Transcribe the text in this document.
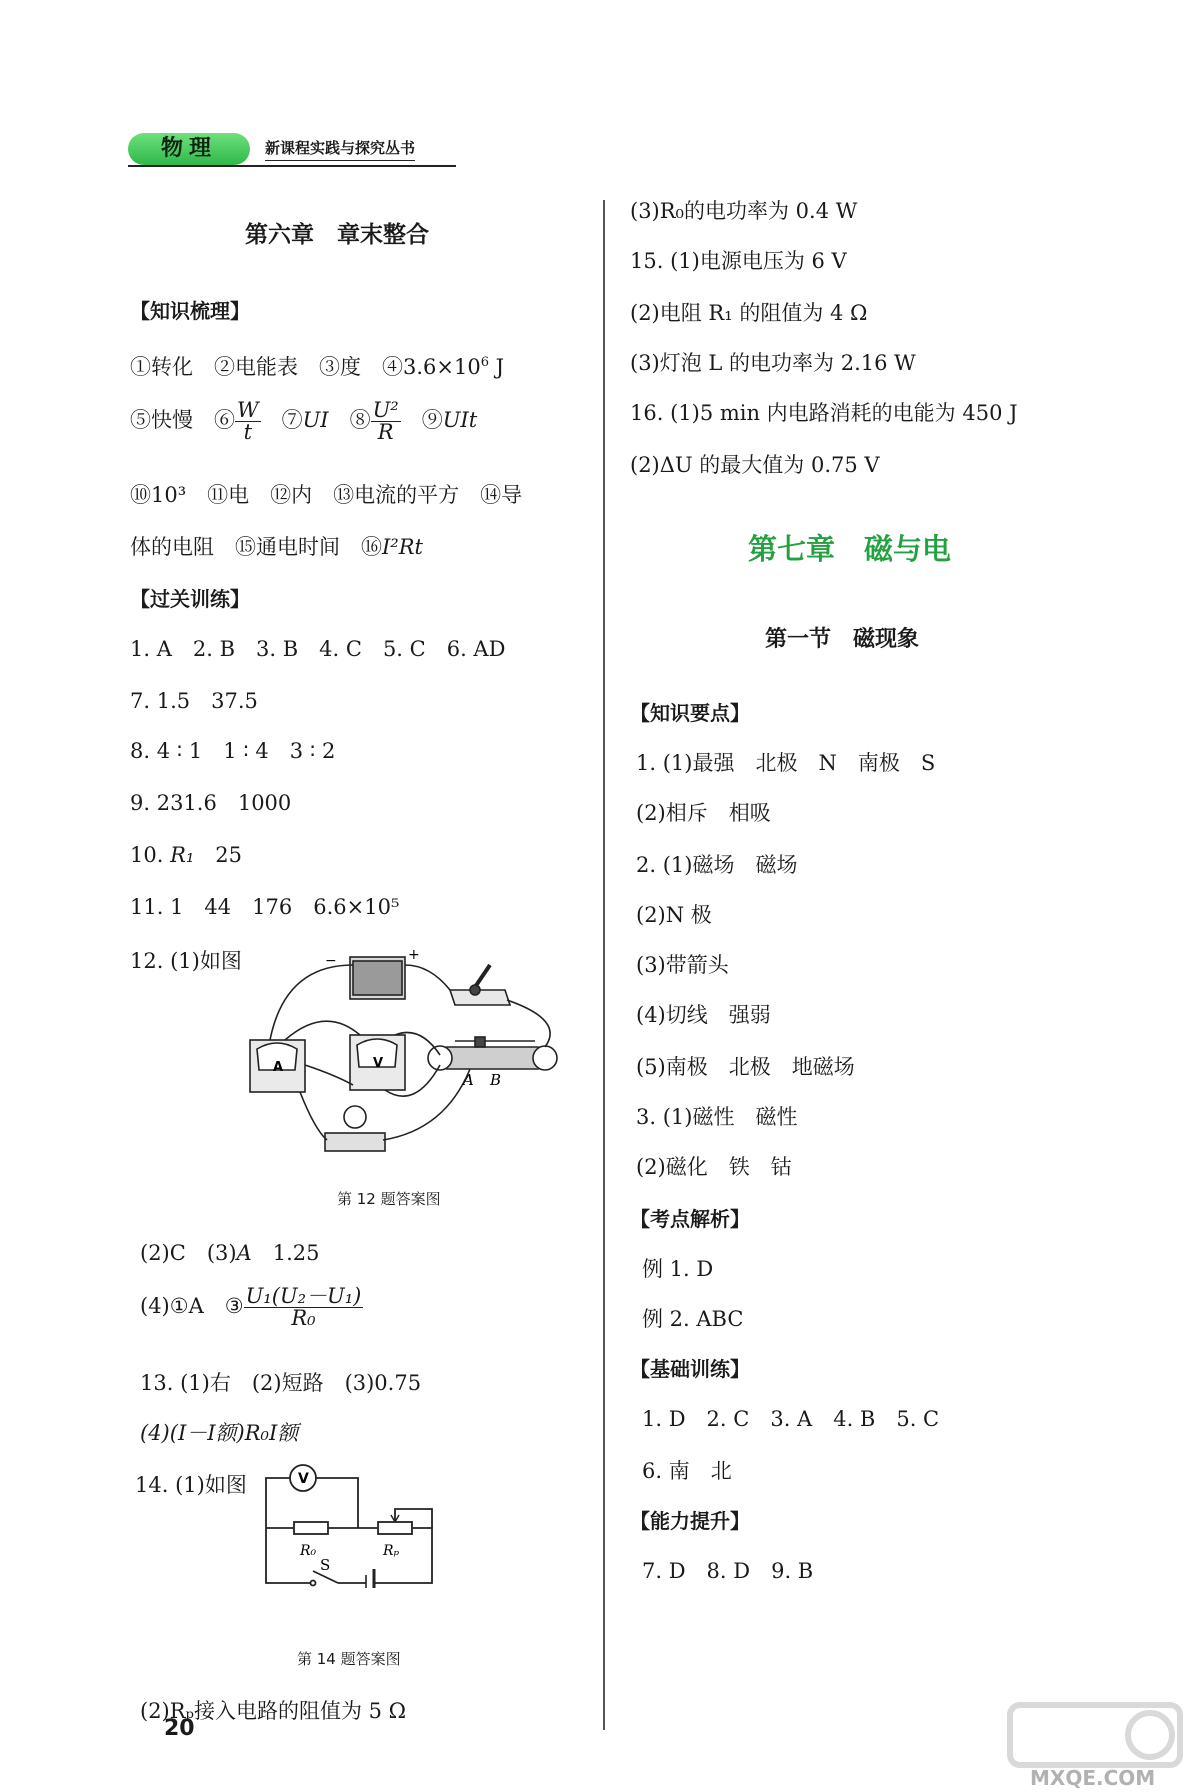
物理	新课程实践与探究丛书
第六章　章末整合
【知识梳理】
①转化　②电能表　③度　$④3.6\times 10^6$ J
⑤快慢　⑥ $\frac{W}{t}$ 　⑦UI　⑧ $\frac{\text{U²}}{R}$ 　⑨UIt
⑩10³　⑪电　⑫内　⑬电流的平方　⑭导
体的电阻　⑮通电时间　⑯I²Rt
【过关训练】
1. A　2. B　3. B　4. C　5. C　6. AD
7. 1.5　37.5
8. 4 ∶ 1　1 ∶ 4　3 ∶ 2
9. 231.6　1000
10. R₁　25
11. 1　44　176　6.6×10⁵
12. (1)如图	−	+
A	V
A B
第 12 题答案图
(2)C　(3)A　1.25
(4)①A　③ $\frac{\text{U₁(U₂－U₁)}}{\text{R₀}}$
13. (1)右　(2)短路　(3)0.75
(4)(I－I额)R₀I额
14. (1)如图	V
R₀	Rₚ
S
第 14 题答案图
(2)Rₚ接入电路的阻值为 5 Ω
20
(3)R₀的电功率为 0.4 W
15. (1)电源电压为 6 V
(2)电阻 R₁ 的阻值为 4 Ω
(3)灯泡 L 的电功率为 2.16 W
16. (1)5 min 内电路消耗的电能为 450 J
(2)ΔU 的最大值为 0.75 V
第七章　磁与电
第一节　磁现象
【知识要点】
1. (1)最强　北极　N　南极　S
(2)相斥　相吸
2. (1)磁场　磁场
(2)N 极
(3)带箭头
(4)切线　强弱
(5)南极　北极　地磁场
3. (1)磁性　磁性
(2)磁化　铁　钴
【考点解析】
例 1. D
例 2. ABC
【基础训练】
1. D　2. C　3. A　4. B　5. C
6. 南　北
【能力提升】
7. D　8. D　9. B
MXQE.COM
